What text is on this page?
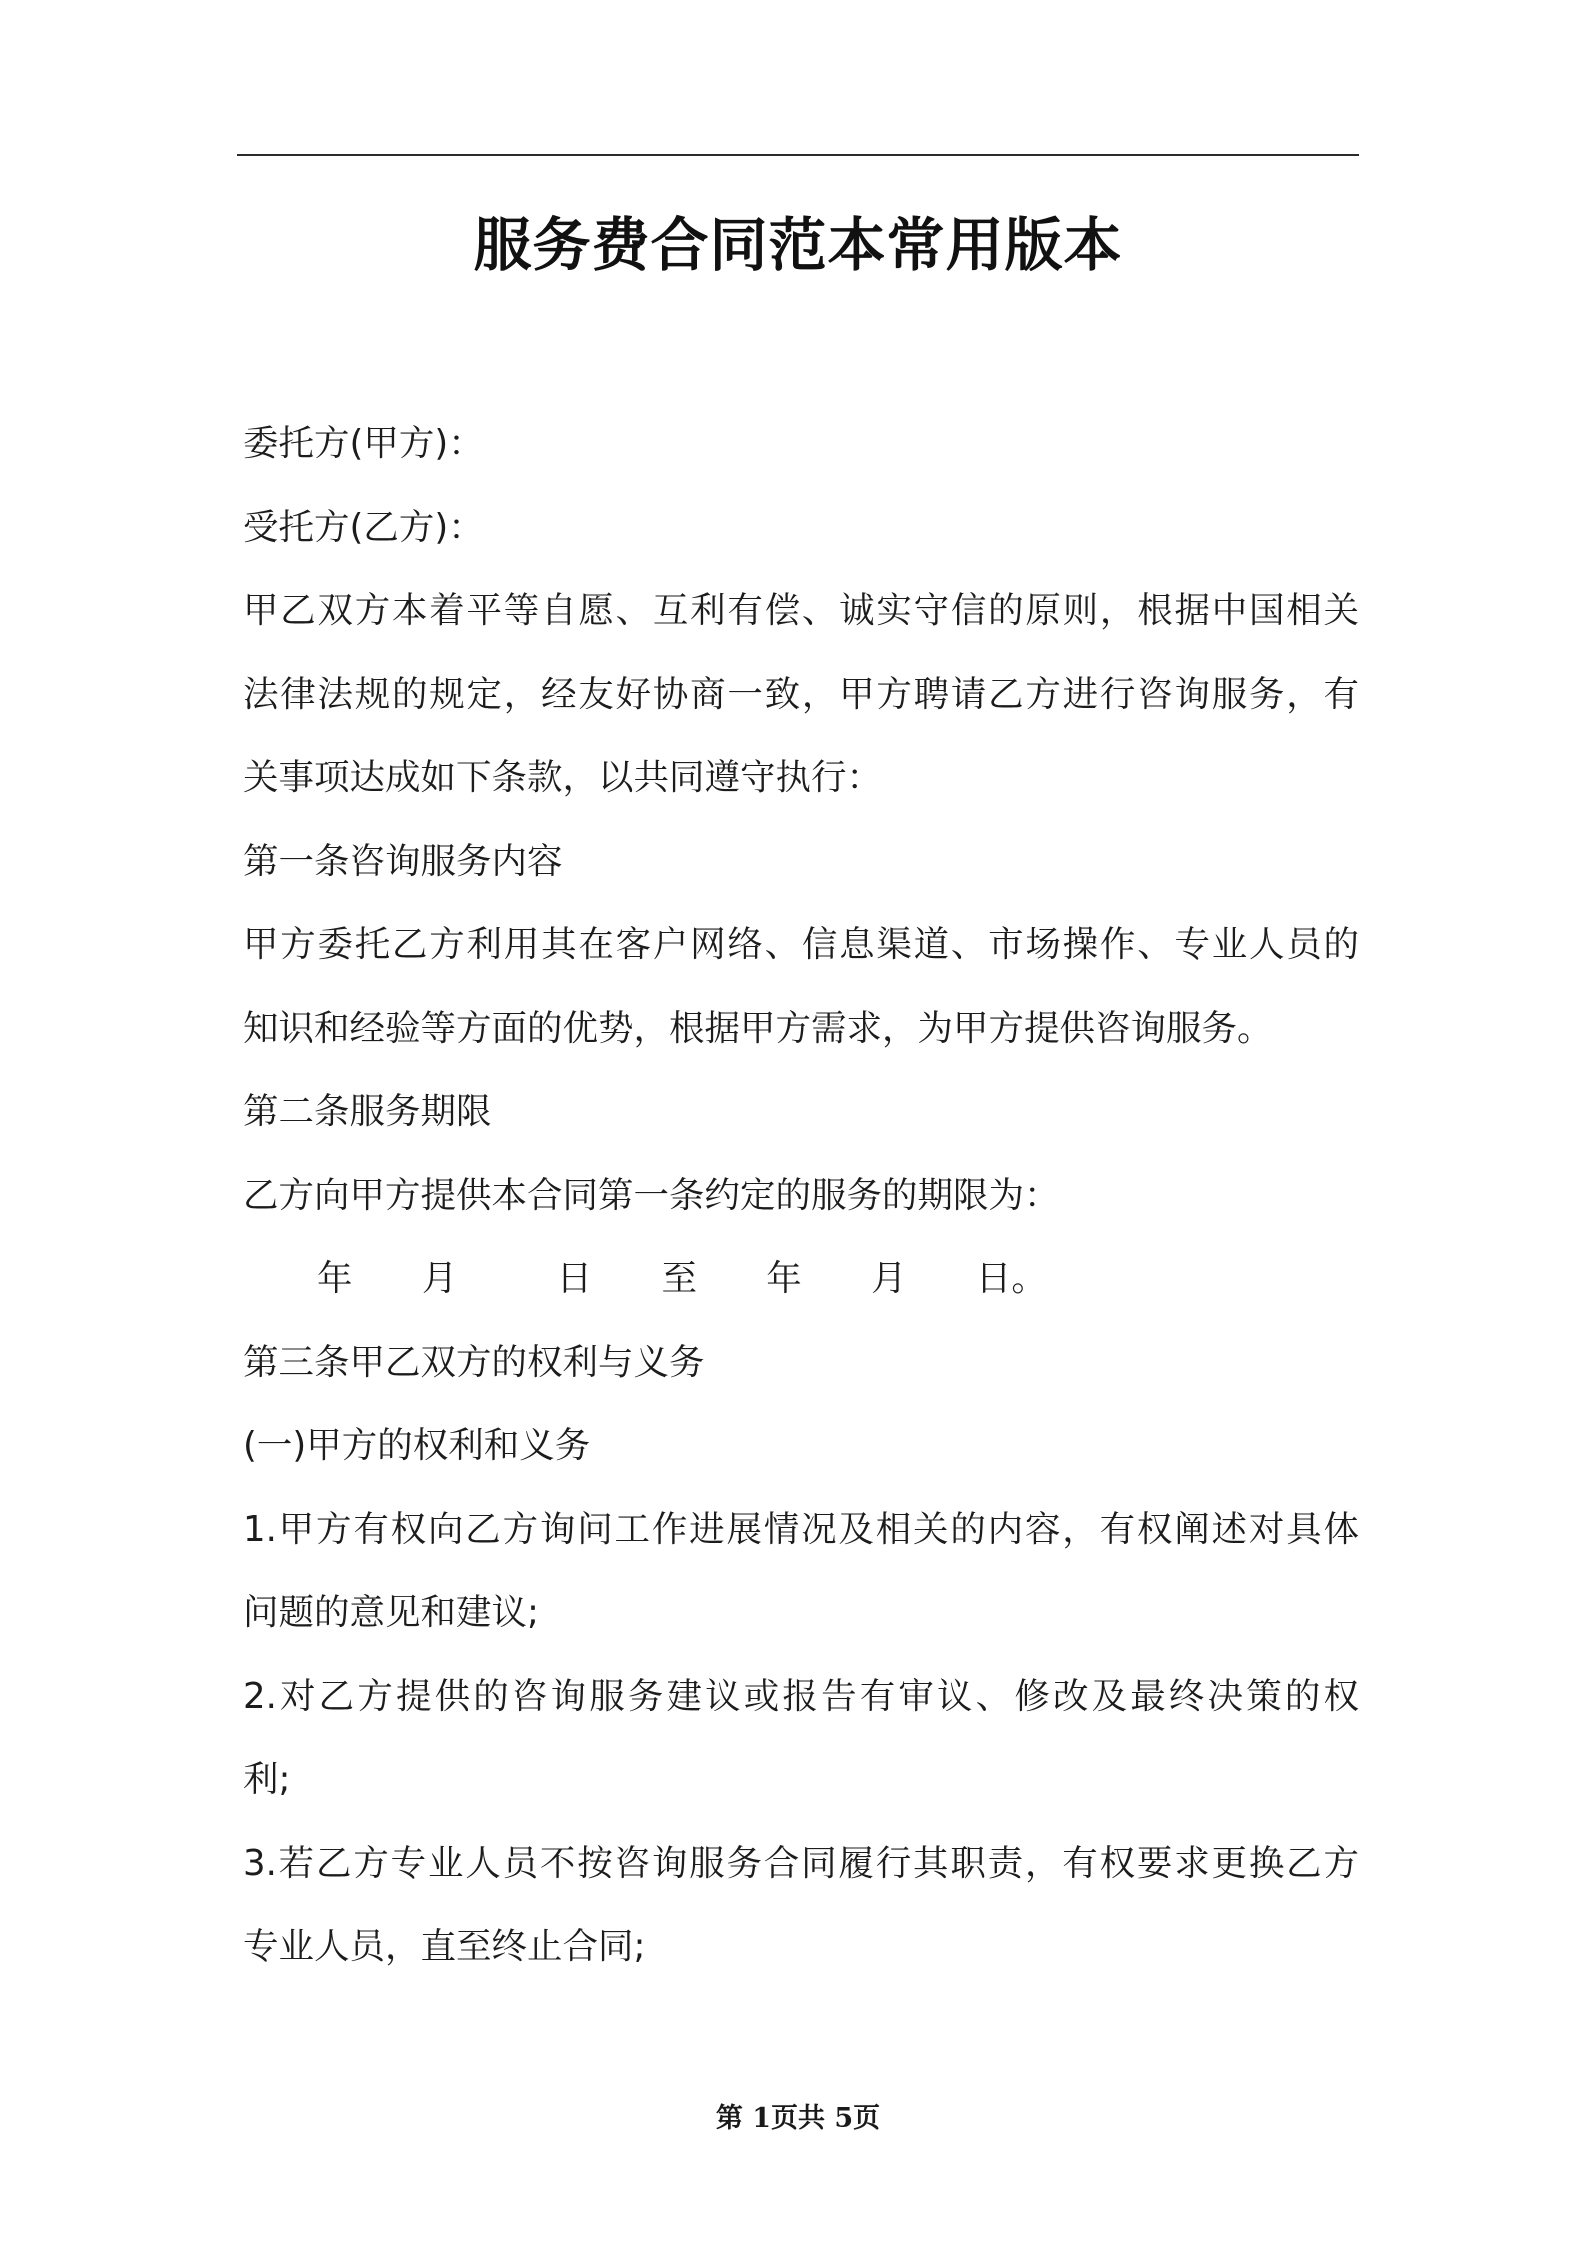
服务费合同范本常用版本
委托方(甲方)：
受托方(乙方)：
甲乙双方本着平等自愿、互利有偿、诚实守信的原则，根据中国相关
法律法规的规定，经友好协商一致，甲方聘请乙方进行咨询服务，有
关事项达成如下条款，以共同遵守执行：
第一条咨询服务内容
甲方委托乙方利用其在客户网络、信息渠道、市场操作、专业人员的
知识和经验等方面的优势，根据甲方需求，为甲方提供咨询服务。
第二条服务期限
乙方向甲方提供本合同第一条约定的服务的期限为：
年 月	日 至 年 月 日。
第三条甲乙双方的权利与义务
(一)甲方的权利和义务
1.甲方有权向乙方询问工作进展情况及相关的内容，有权阐述对具体
问题的意见和建议;
2.对乙方提供的咨询服务建议或报告有审议、修改及最终决策的权
利;
3.若乙方专业人员不按咨询服务合同履行其职责，有权要求更换乙方
专业人员，直至终止合同;
第 1页共 5页
